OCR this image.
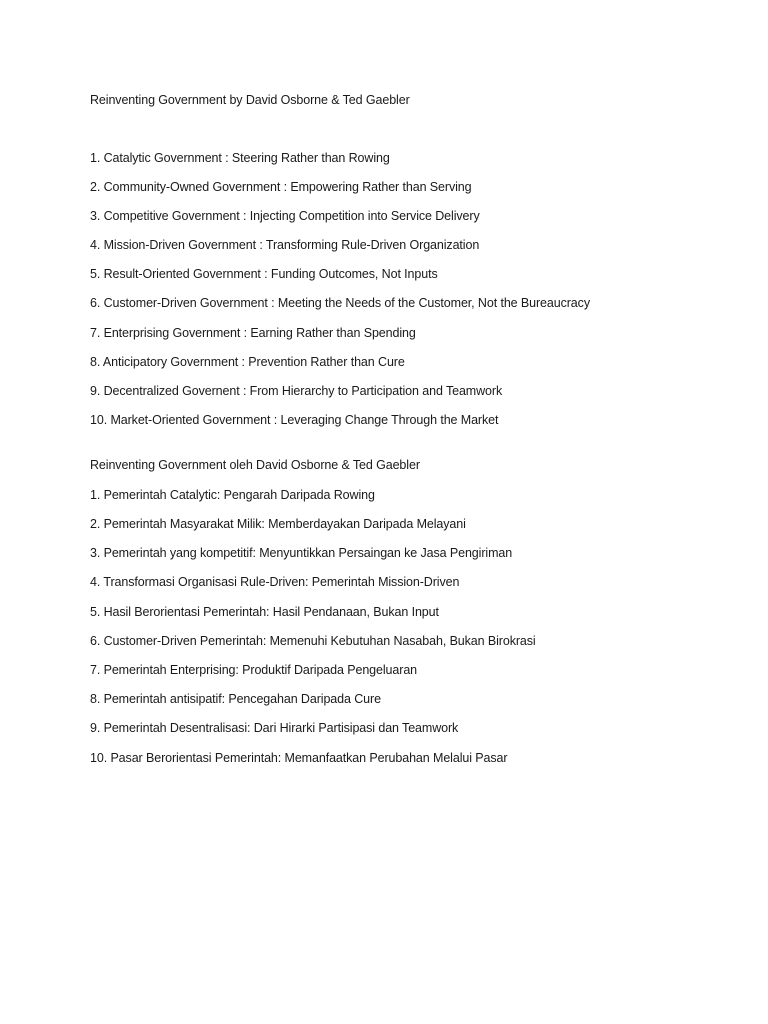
Reinventing Government by David Osborne & Ted Gaebler
1. Catalytic Government : Steering Rather than Rowing
2. Community-Owned Government : Empowering Rather than Serving
3. Competitive Government : Injecting Competition into Service Delivery
4. Mission-Driven Government : Transforming Rule-Driven Organization
5. Result-Oriented Government : Funding Outcomes, Not Inputs
6. Customer-Driven Government : Meeting the Needs of the Customer, Not the Bureaucracy
7. Enterprising Government : Earning Rather than Spending
8. Anticipatory Government : Prevention Rather than Cure
9. Decentralized Governent : From Hierarchy to Participation and Teamwork
10. Market-Oriented Government : Leveraging Change Through the Market
Reinventing Government oleh David Osborne & Ted Gaebler
1. Pemerintah Catalytic: Pengarah Daripada Rowing
2. Pemerintah Masyarakat Milik: Memberdayakan Daripada Melayani
3. Pemerintah yang kompetitif: Menyuntikkan Persaingan ke Jasa Pengiriman
4. Transformasi Organisasi Rule-Driven: Pemerintah Mission-Driven
5. Hasil Berorientasi Pemerintah: Hasil Pendanaan, Bukan Input
6. Customer-Driven Pemerintah: Memenuhi Kebutuhan Nasabah, Bukan Birokrasi
7. Pemerintah Enterprising: Produktif Daripada Pengeluaran
8. Pemerintah antisipatif: Pencegahan Daripada Cure
9. Pemerintah Desentralisasi: Dari Hirarki Partisipasi dan Teamwork
10. Pasar Berorientasi Pemerintah: Memanfaatkan Perubahan Melalui Pasar
